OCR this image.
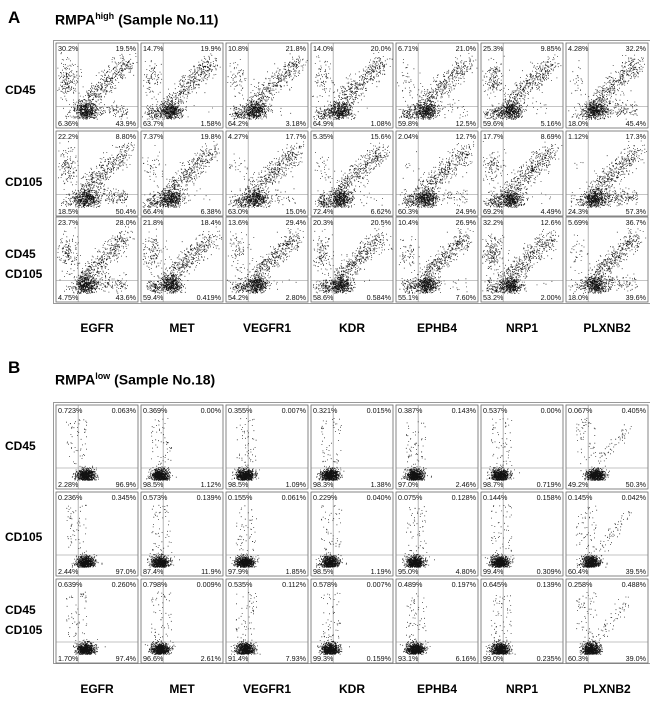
A $RMPA^{high}$ (Sample No.11)
B
$RMPA^{low}$ (Sample No.18)
CD45
CD105
CD45
CD105
CD45
CD105
CD45
CD105
EGFR	MET	VEGFR1	KDR	EPHB4	NRP1	PLXNB2
EGFR	MET	VEGFR1	KDR	EPHB4	NRP1	PLXNB2
30.2%	19.5%
6.36%	43.9%
14.7%	19.9%
63.7%	1.58%
10.8%	21.8%
64.2%	3.18%
14.0%	20.0%
64.9%	1.08%
6.71%	21.0%
59.8%	12.5%
25.3%	9.85%
59.6%	5.16%
4.28%	32.2%
18.0%	45.4%
22.2%	8.80%
18.5%	50.4%
7.37%	19.8%
66.4%	6.38%
4.27%	17.7%
63.0%	15.0%
5.35%	15.6%
72.4%	6.62%
2.04%	12.7%
60.3%	24.9%
17.7%	8.69%
69.2%	4.49%
1.12%	17.3%
24.3%	57.3%
23.7%	28.0%
4.75%	43.6%
21.8%	18.4%
59.4%	0.419%
13.6%	29.4%
54.2%	2.80%
20.3%	20.5%
58.6%	0.584%
10.4%	26.9%
55.1%	7.60%
32.2%	12.6%
53.2%	2.00%
5.69%	36.7%
18.0%	39.6%
0.723%	0.063%
2.28%	96.9%
0.369%	0.00%
98.5%	1.12%
0.355%	0.007%
98.5%	1.09%
0.321%	0.015%
98.3%	1.38%
0.387%	0.143%
97.0%	2.46%
0.537%	0.00%
98.7%	0.719%
0.067%	0.405%
49.2%	50.3%
0.236%	0.345%
2.44%	97.0%
0.573%	0.139%
87.4%	11.9%
0.155%	0.061%
97.9%	1.85%
0.229%	0.040%
98.5%	1.19%
0.075%	0.128%
95.0%	4.80%
0.144%	0.158%
99.4%	0.309%
0.145%	0.042%
60.4%	39.5%
0.639%	0.260%
1.70%	97.4%
0.798%	0.009%
96.6%	2.61%
0.535%	0.112%
91.4%	7.93%
0.578%	0.007%
99.3%	0.159%
0.489%	0.197%
93.1%	6.16%
0.645%	0.139%
99.0%	0.235%
0.258%	0.488%
60.3%	39.0%
